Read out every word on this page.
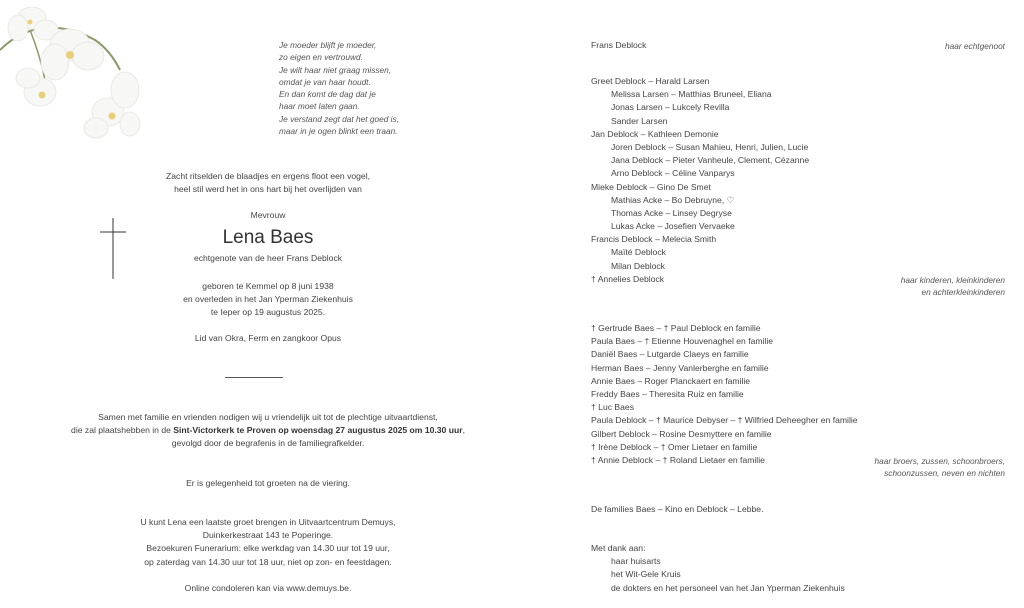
Je moeder blijft je moeder,
zo eigen en vertrouwd.
Je wilt haar niet graag missen,
omdat je van haar houdt.
En dan komt de dag dat je
haar moet laten gaan.
Je verstand zegt dat het goed is,
maar in je ogen blinkt een traan.
Zacht ritselden de blaadjes en ergens floot een vogel,
heel stil werd het in ons hart bij het overlijden van
Mevrouw
Lena Baes
echtgenote van de heer Frans Deblock
geboren te Kemmel op 8 juni 1938
en overleden in het Jan Yperman Ziekenhuis
te Ieper op 19 augustus 2025.
Lid van Okra, Ferm en zangkoor Opus
Samen met familie en vrienden nodigen wij u vriendelijk uit tot de plechtige uitvaartdienst,
die zal plaatshebben in de Sint-Victorkerk te Proven op woensdag 27 augustus 2025 om 10.30 uur,
gevolgd door de begrafenis in de familiegrafkelder.
Er is gelegenheid tot groeten na de viering.
U kunt Lena een laatste groet brengen in Uitvaartcentrum Demuys,
Duinkerkestraat 143 te Poperinge.
Bezoekuren Funerarium: elke werkdag van 14.30 uur tot 19 uur,
op zaterdag van 14.30 uur tot 18 uur, niet op zon- en feestdagen.
Online condoleren kan via www.demuys.be.
Frans Deblock	haar echtgenoot
Greet Deblock – Harald Larsen
Melissa Larsen – Matthias Bruneel, Eliana
Jonas Larsen – Lukcely Revilla
Sander Larsen
Jan Deblock – Kathleen Demonie
Joren Deblock – Susan Mahieu, Henri, Julien, Lucie
Jana Deblock – Pieter Vanheule, Clement, Cézanne
Arno Deblock – Céline Vanparys
Mieke Deblock – Gino De Smet
Mathias Acke – Bo Debruyne, ♡
Thomas Acke – Linsey Degryse
Lukas Acke – Josefien Vervaeke
Francis Deblock – Melecia Smith
Maïté Deblock
Milan Deblock
† Annelies Deblock	haar kinderen, kleinkinderen
en achterkleinkinderen
† Gertrude Baes – † Paul Deblock en familie
Paula Baes – † Etienne Houvenaghel en familie
Daniël Baes – Lutgarde Claeys en familie
Herman Baes – Jenny Vanlerberghe en familie
Annie Baes – Roger Planckaert en familie
Freddy Baes – Theresita Ruiz en familie
† Luc Baes
Paula Deblock – † Maurice Debyser – † Wilfried Deheegher en familie
Gilbert Deblock – Rosine Desmyttere en familie
† Irène Deblock – † Omer Lietaer en familie
† Annie Deblock – † Roland Lietaer en familie	haar broers, zussen, schoonbroers,
schoonzussen, neven en nichten
De families Baes – Kino en Deblock – Lebbe.
Met dank aan:
haar huisarts
het Wit-Gele Kruis
de dokters en het personeel van het Jan Yperman Ziekenhuis
